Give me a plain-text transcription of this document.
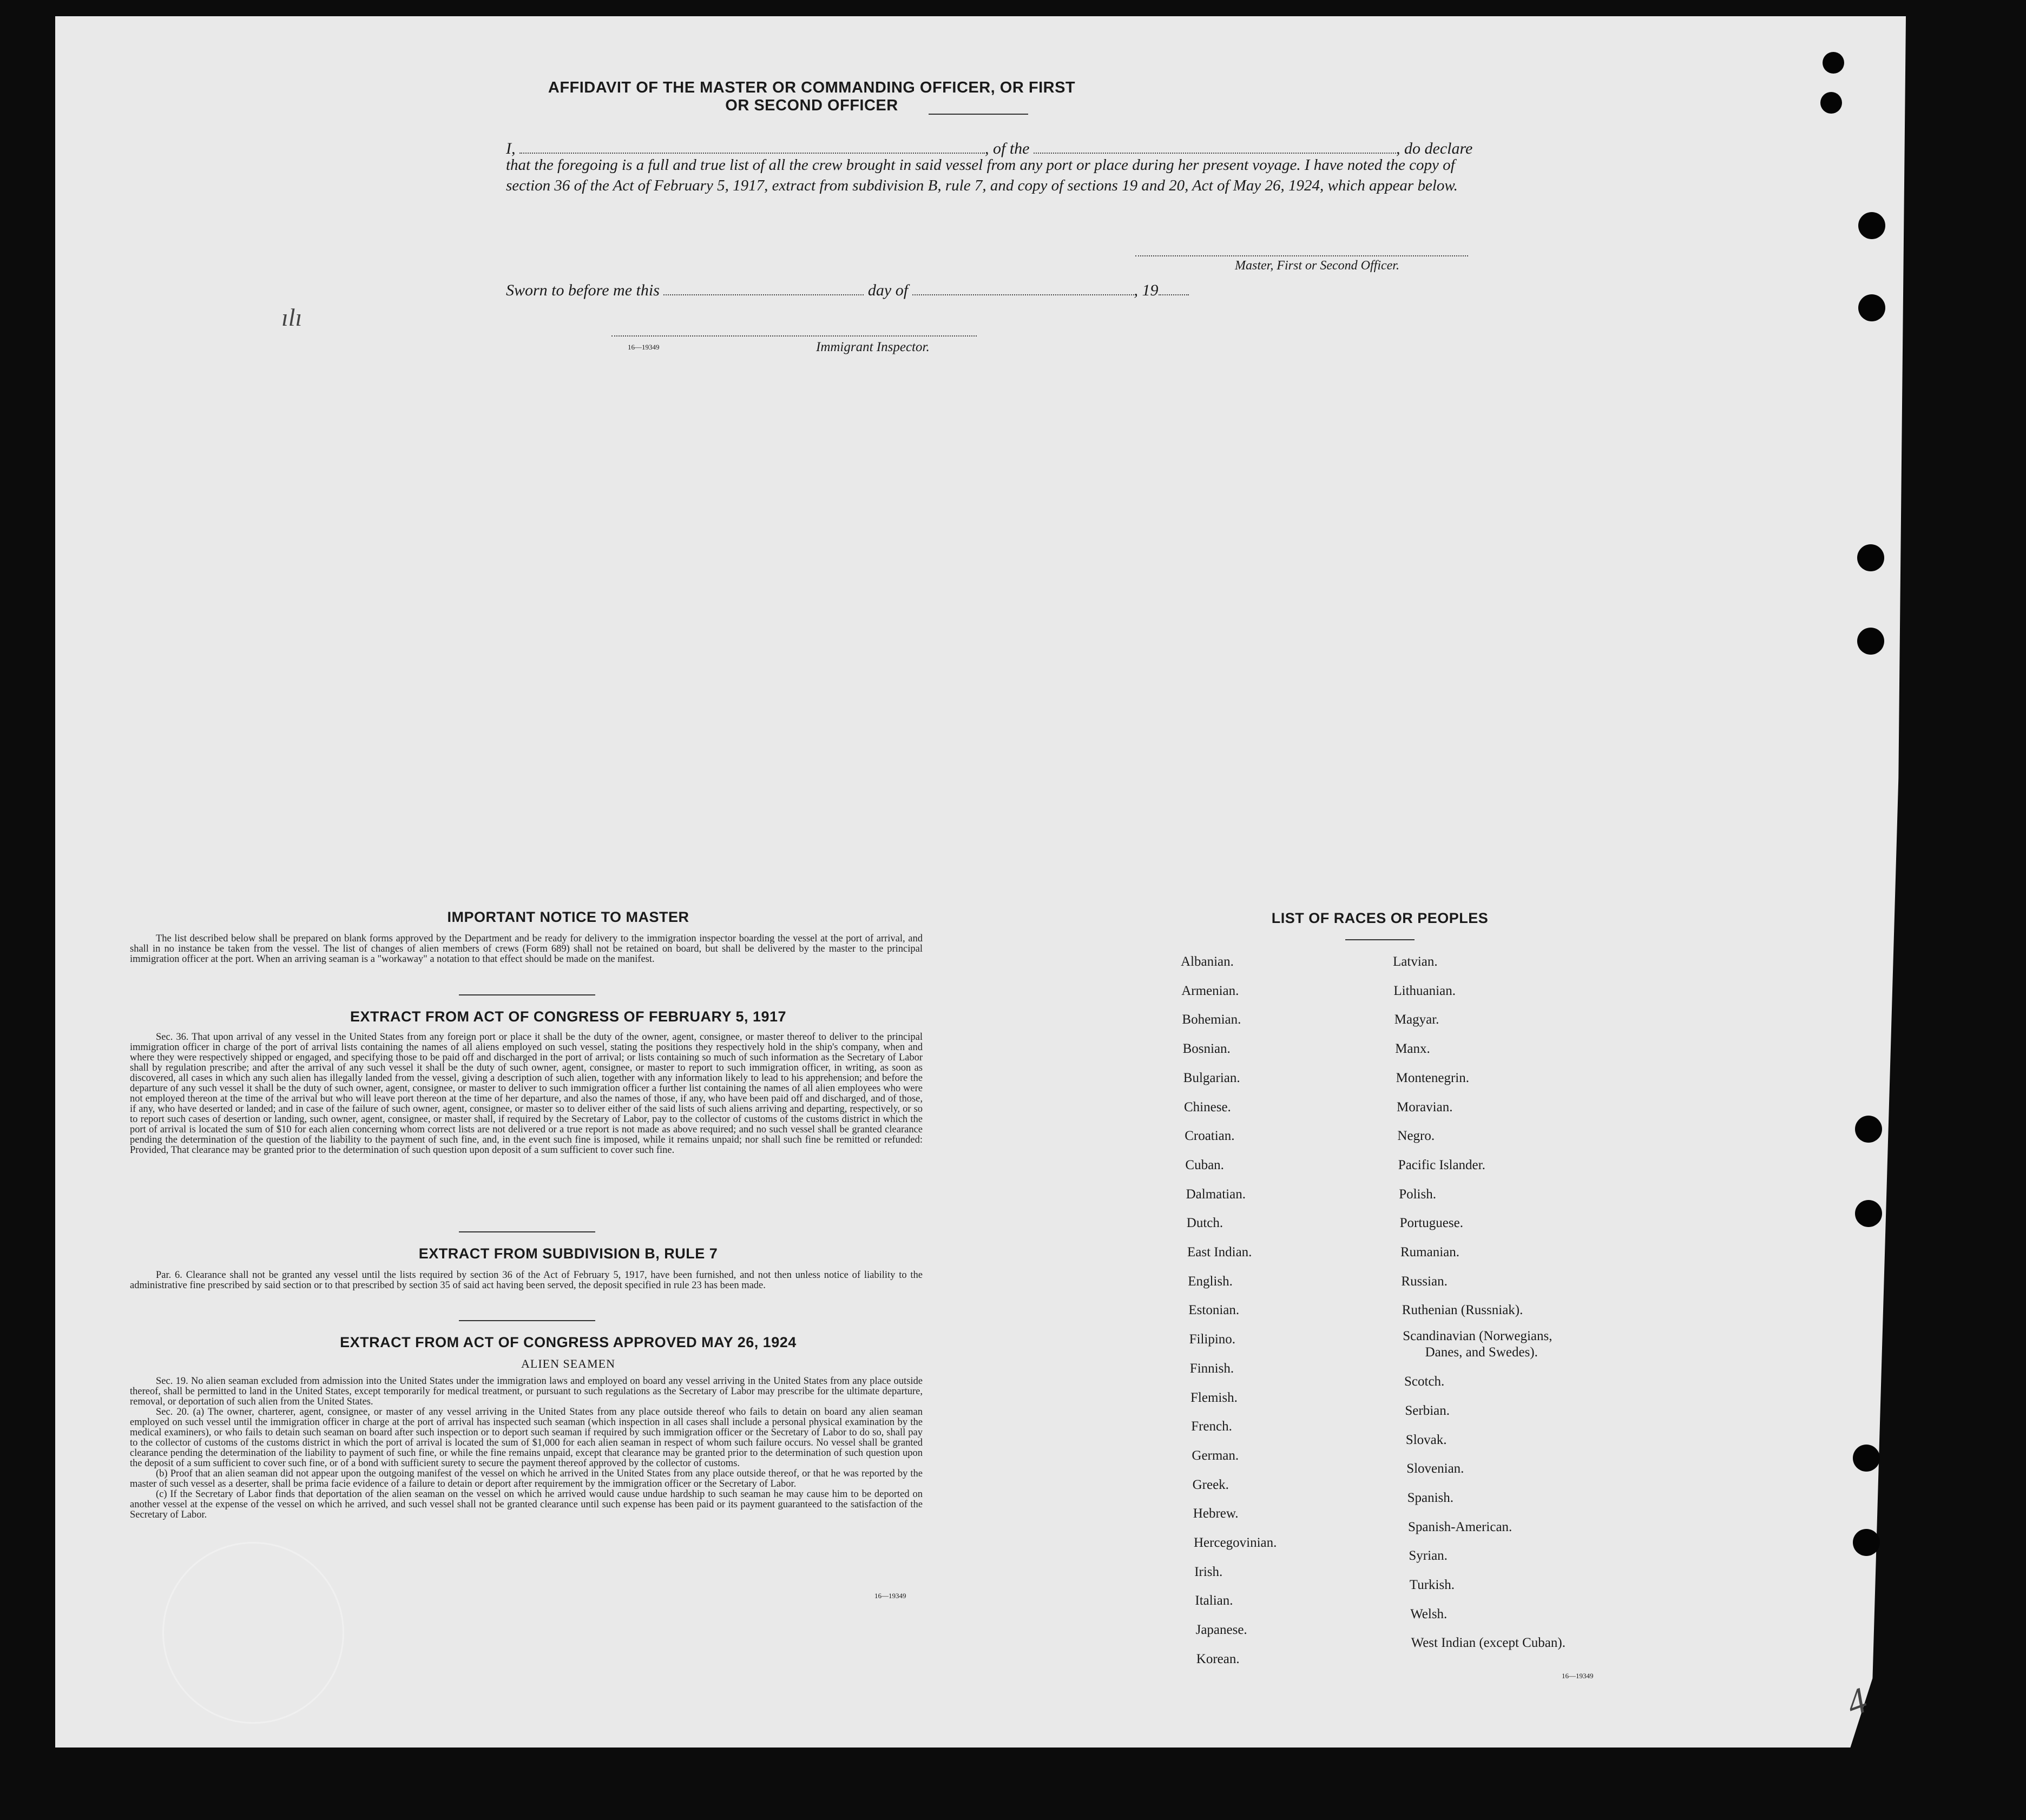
AFFIDAVIT OF THE MASTER OR COMMANDING OFFICER, OR FIRST OR SECOND OFFICER
I,	, of the	, do declare
that the foregoing is a full and true list of all the crew brought in said vessel from any port or place during her present voyage. I have noted the copy of section 36 of the Act of February 5, 1917, extract from subdivision B, rule 7, and copy of sections 19 and 20, Act of May 26, 1924, which appear below.
Master, First or Second Officer.
Sworn to before me this	day of	, 19
16—19349	Immigrant Inspector.
IMPORTANT NOTICE TO MASTER

The list described below shall be prepared on blank forms approved by the Department and be ready for delivery to the immigration inspector boarding the vessel at the port of arrival, and shall in no instance be taken from the vessel. The list of changes of alien members of crews (Form 689) shall not be retained on board, but shall be delivered by the master to the principal immigration officer at the port. When an arriving seaman is a "workaway" a notation to that effect should be made on the manifest.

EXTRACT FROM ACT OF CONGRESS OF FEBRUARY 5, 1917

Sec. 36. That upon arrival of any vessel in the United States from any foreign port or place it shall be the duty of the owner, agent, consignee, or master thereof to deliver to the principal immigration officer in charge of the port of arrival lists containing the names of all aliens employed on such vessel, stating the positions they respectively hold in the ship's company, when and where they were respectively shipped or engaged, and specifying those to be paid off and discharged in the port of arrival; or lists containing so much of such information as the Secretary of Labor shall by regulation prescribe; and after the arrival of any such vessel it shall be the duty of such owner, agent, consignee, or master to report to such immigration officer, in writing, as soon as discovered, all cases in which any such alien has illegally landed from the vessel, giving a description of such alien, together with any information likely to lead to his apprehension; and before the departure of any such vessel it shall be the duty of such owner, agent, consignee, or master to deliver to such immigration officer a further list containing the names of all alien employees who were not employed thereon at the time of the arrival but who will leave port thereon at the time of her departure, and also the names of those, if any, who have been paid off and discharged, and of those, if any, who have deserted or landed; and in case of the failure of such owner, agent, consignee, or master so to deliver either of the said lists of such aliens arriving and departing, respectively, or so to report such cases of desertion or landing, such owner, agent, consignee, or master shall, if required by the Secretary of Labor, pay to the collector of customs of the customs district in which the port of arrival is located the sum of $10 for each alien concerning whom correct lists are not delivered or a true report is not made as above required; and no such vessel shall be granted clearance pending the determination of the question of the liability to the payment of such fine, and, in the event such fine is imposed, while it remains unpaid; nor shall such fine be remitted or refunded: Provided, That clearance may be granted prior to the determination of such question upon deposit of a sum sufficient to cover such fine.

EXTRACT FROM SUBDIVISION B, RULE 7

Par. 6. Clearance shall not be granted any vessel until the lists required by section 36 of the Act of February 5, 1917, have been furnished, and not then unless notice of liability to the administrative fine prescribed by said section or to that prescribed by section 35 of said act having been served, the deposit specified in rule 23 has been made.

EXTRACT FROM ACT OF CONGRESS APPROVED MAY 26, 1924
ALIEN SEAMEN

Sec. 19. No alien seaman excluded from admission into the United States under the immigration laws and employed on board any vessel arriving in the United States from any place outside thereof, shall be permitted to land in the United States, except temporarily for medical treatment, or pursuant to such regulations as the Secretary of Labor may prescribe for the ultimate departure, removal, or deportation of such alien from the United States.

Sec. 20. (a) The owner, charterer, agent, consignee, or master of any vessel arriving in the United States from any place outside thereof who fails to detain on board any alien seaman employed on such vessel until the immigration officer in charge at the port of arrival has inspected such seaman (which inspection in all cases shall include a personal physical examination by the medical examiners), or who fails to detain such seaman on board after such inspection or to deport such seaman if required by such immigration officer or the Secretary of Labor to do so, shall pay to the collector of customs of the customs district in which the port of arrival is located the sum of $1,000 for each alien seaman in respect of whom such failure occurs. No vessel shall be granted clearance pending the determination of the liability to payment of such fine, or while the fine remains unpaid, except that clearance may be granted prior to the determination of such question upon the deposit of a sum sufficient to cover such fine, or of a bond with sufficient surety to secure the payment thereof approved by the collector of customs.

(b) Proof that an alien seaman did not appear upon the outgoing manifest of the vessel on which he arrived in the United States from any place outside thereof, or that he was reported by the master of such vessel as a deserter, shall be prima facie evidence of a failure to detain or deport after requirement by the immigration officer or the Secretary of Labor.

(c) If the Secretary of Labor finds that deportation of the alien seaman on the vessel on which he arrived would cause undue hardship to such seaman he may cause him to be deported on another vessel at the expense of the vessel on which he arrived, and such vessel shall not be granted clearance until such expense has been paid or its payment guaranteed to the satisfaction of the Secretary of Labor.

16—19349
LIST OF RACES OR PEOPLES
Albanian.
Armenian.
Bohemian.
Bosnian.
Bulgarian.
Chinese.
Croatian.
Cuban.
Dalmatian.
Dutch.
East Indian.
English.
Estonian.
Filipino.
Finnish.
Flemish.
French.
German.
Greek.
Hebrew.
Hercegovinian.
Irish.
Italian.
Japanese.
Korean.
Latvian.
Lithuanian.
Magyar.
Manx.
Montenegrin.
Moravian.
Negro.
Pacific Islander.
Polish.
Portuguese.
Rumanian.
Russian.
Ruthenian (Russniak).
Scandinavian (Norwegians,
Danes, and Swedes).
Scotch.
Serbian.
Slovak.
Slovenian.
Spanish.
Spanish-American.
Syrian.
Turkish.
Welsh.
West Indian (except Cuban).
16—19349
ılı
4
